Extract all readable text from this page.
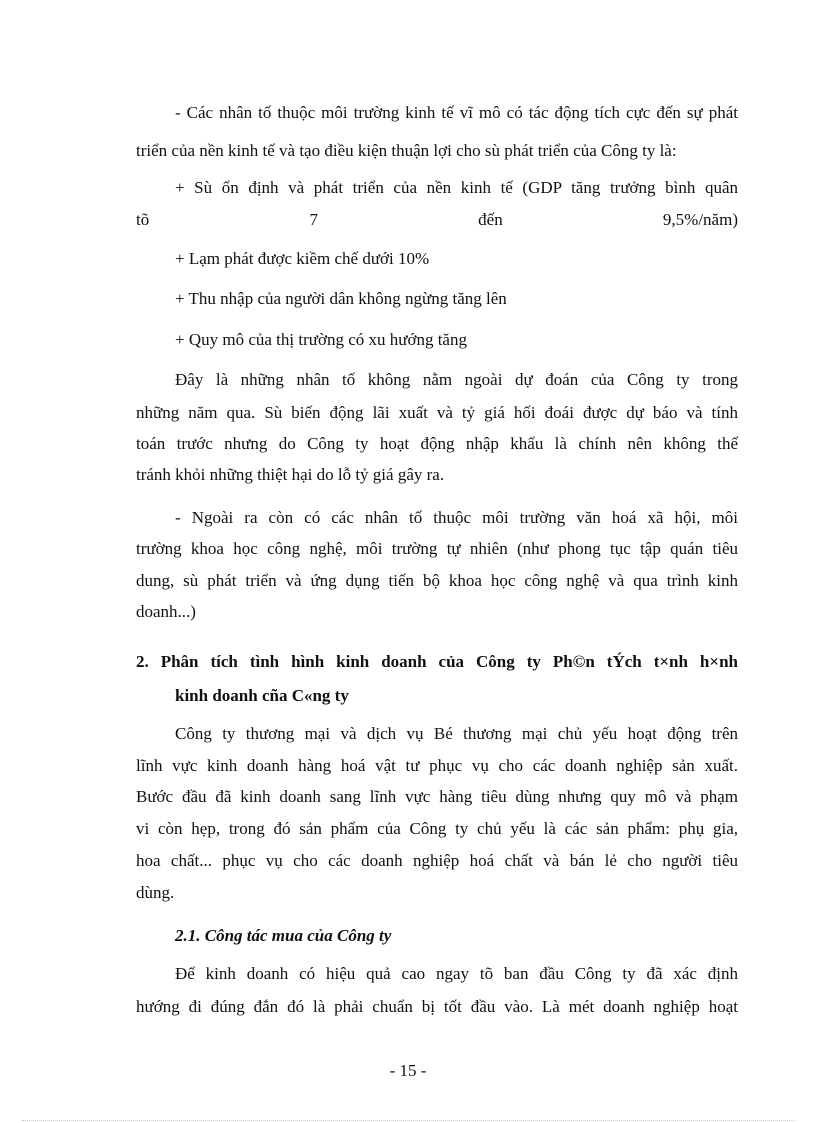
- Các nhân tố thuộc môi trường kinh tế vĩ mô có tác động tích cực đến sự phát
triển của nền kinh tế và tạo điều kiện thuận lợi cho sù phát triển của Công ty là:
+ Sù ổn định và phát triển của nền kinh tế (GDP tăng trưởng bình quân
tõ 7 đến 9,5%/năm)
+ Lạm phát được kiềm chế dưới 10%
+ Thu nhập của người dân không ngừng tăng lên
+ Quy mô của thị trường có xu hướng tăng
Đây là những nhân tố không nằm ngoài dự đoán của Công ty trong
những năm qua. Sù biến động lãi xuất và tỷ giá hối đoái được dự báo và tính
toán trước nhưng do Công ty hoạt động nhập khẩu là chính nên không thể
tránh khỏi những thiệt hại do lỗ tỷ giá gây ra.
- Ngoài ra còn có các nhân tố thuộc môi trường văn hoá xã hội, môi
trường khoa học công nghệ, môi trường tự nhiên (như phong tục tập quán tiêu
dung, sù phát triển và ứng dụng tiến bộ khoa học công nghệ và qua trình kinh
doanh...)
2. Phân tích tình hình kinh doanh của Công ty Ph©n tÝch t×nh h×nh
kinh doanh cña C«ng ty
Công ty thương mại và dịch vụ Bé thương mại chủ yếu hoạt động trên
lĩnh vực kinh doanh hàng hoá vật tư phục vụ cho các doanh nghiệp sản xuất.
Bước đầu đã kinh doanh sang lĩnh vực hàng tiêu dùng nhưng quy mô và phạm
vi còn hẹp, trong đó sản phẩm của Công ty chủ yếu là các sản phẩm: phụ gia,
hoa chất... phục vụ cho các doanh nghiệp hoá chất và bán lẻ cho người tiêu
dùng.
2.1. Công tác mua của Công ty
Để kinh doanh có hiệu quả cao ngay tõ ban đầu Công ty đã xác định
hướng đi đúng đắn đó là phải chuẩn bị tốt đầu vào. Là mét doanh nghiệp hoạt
- 15 -
